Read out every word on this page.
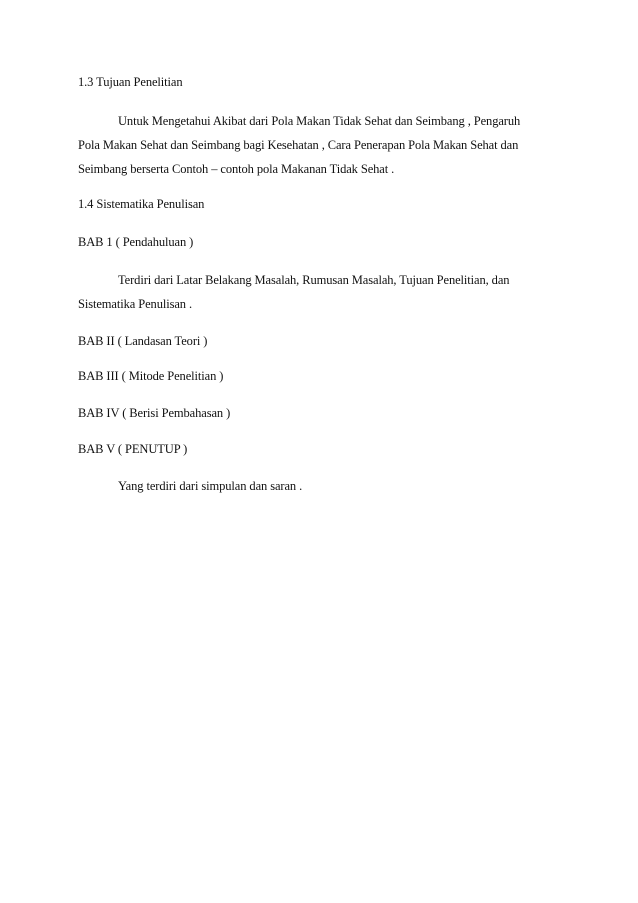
1.3 Tujuan Penelitian
Untuk Mengetahui Akibat dari Pola Makan Tidak Sehat dan Seimbang , Pengaruh
Pola Makan Sehat dan Seimbang bagi Kesehatan , Cara Penerapan Pola Makan Sehat dan
Seimbang berserta Contoh – contoh pola Makanan Tidak Sehat .
1.4 Sistematika Penulisan
BAB 1 ( Pendahuluan )
Terdiri dari Latar Belakang Masalah, Rumusan Masalah, Tujuan Penelitian, dan
Sistematika Penulisan .
BAB II ( Landasan Teori )
BAB III ( Mitode Penelitian )
BAB IV ( Berisi Pembahasan )
BAB V ( PENUTUP )
Yang terdiri dari simpulan dan saran .
